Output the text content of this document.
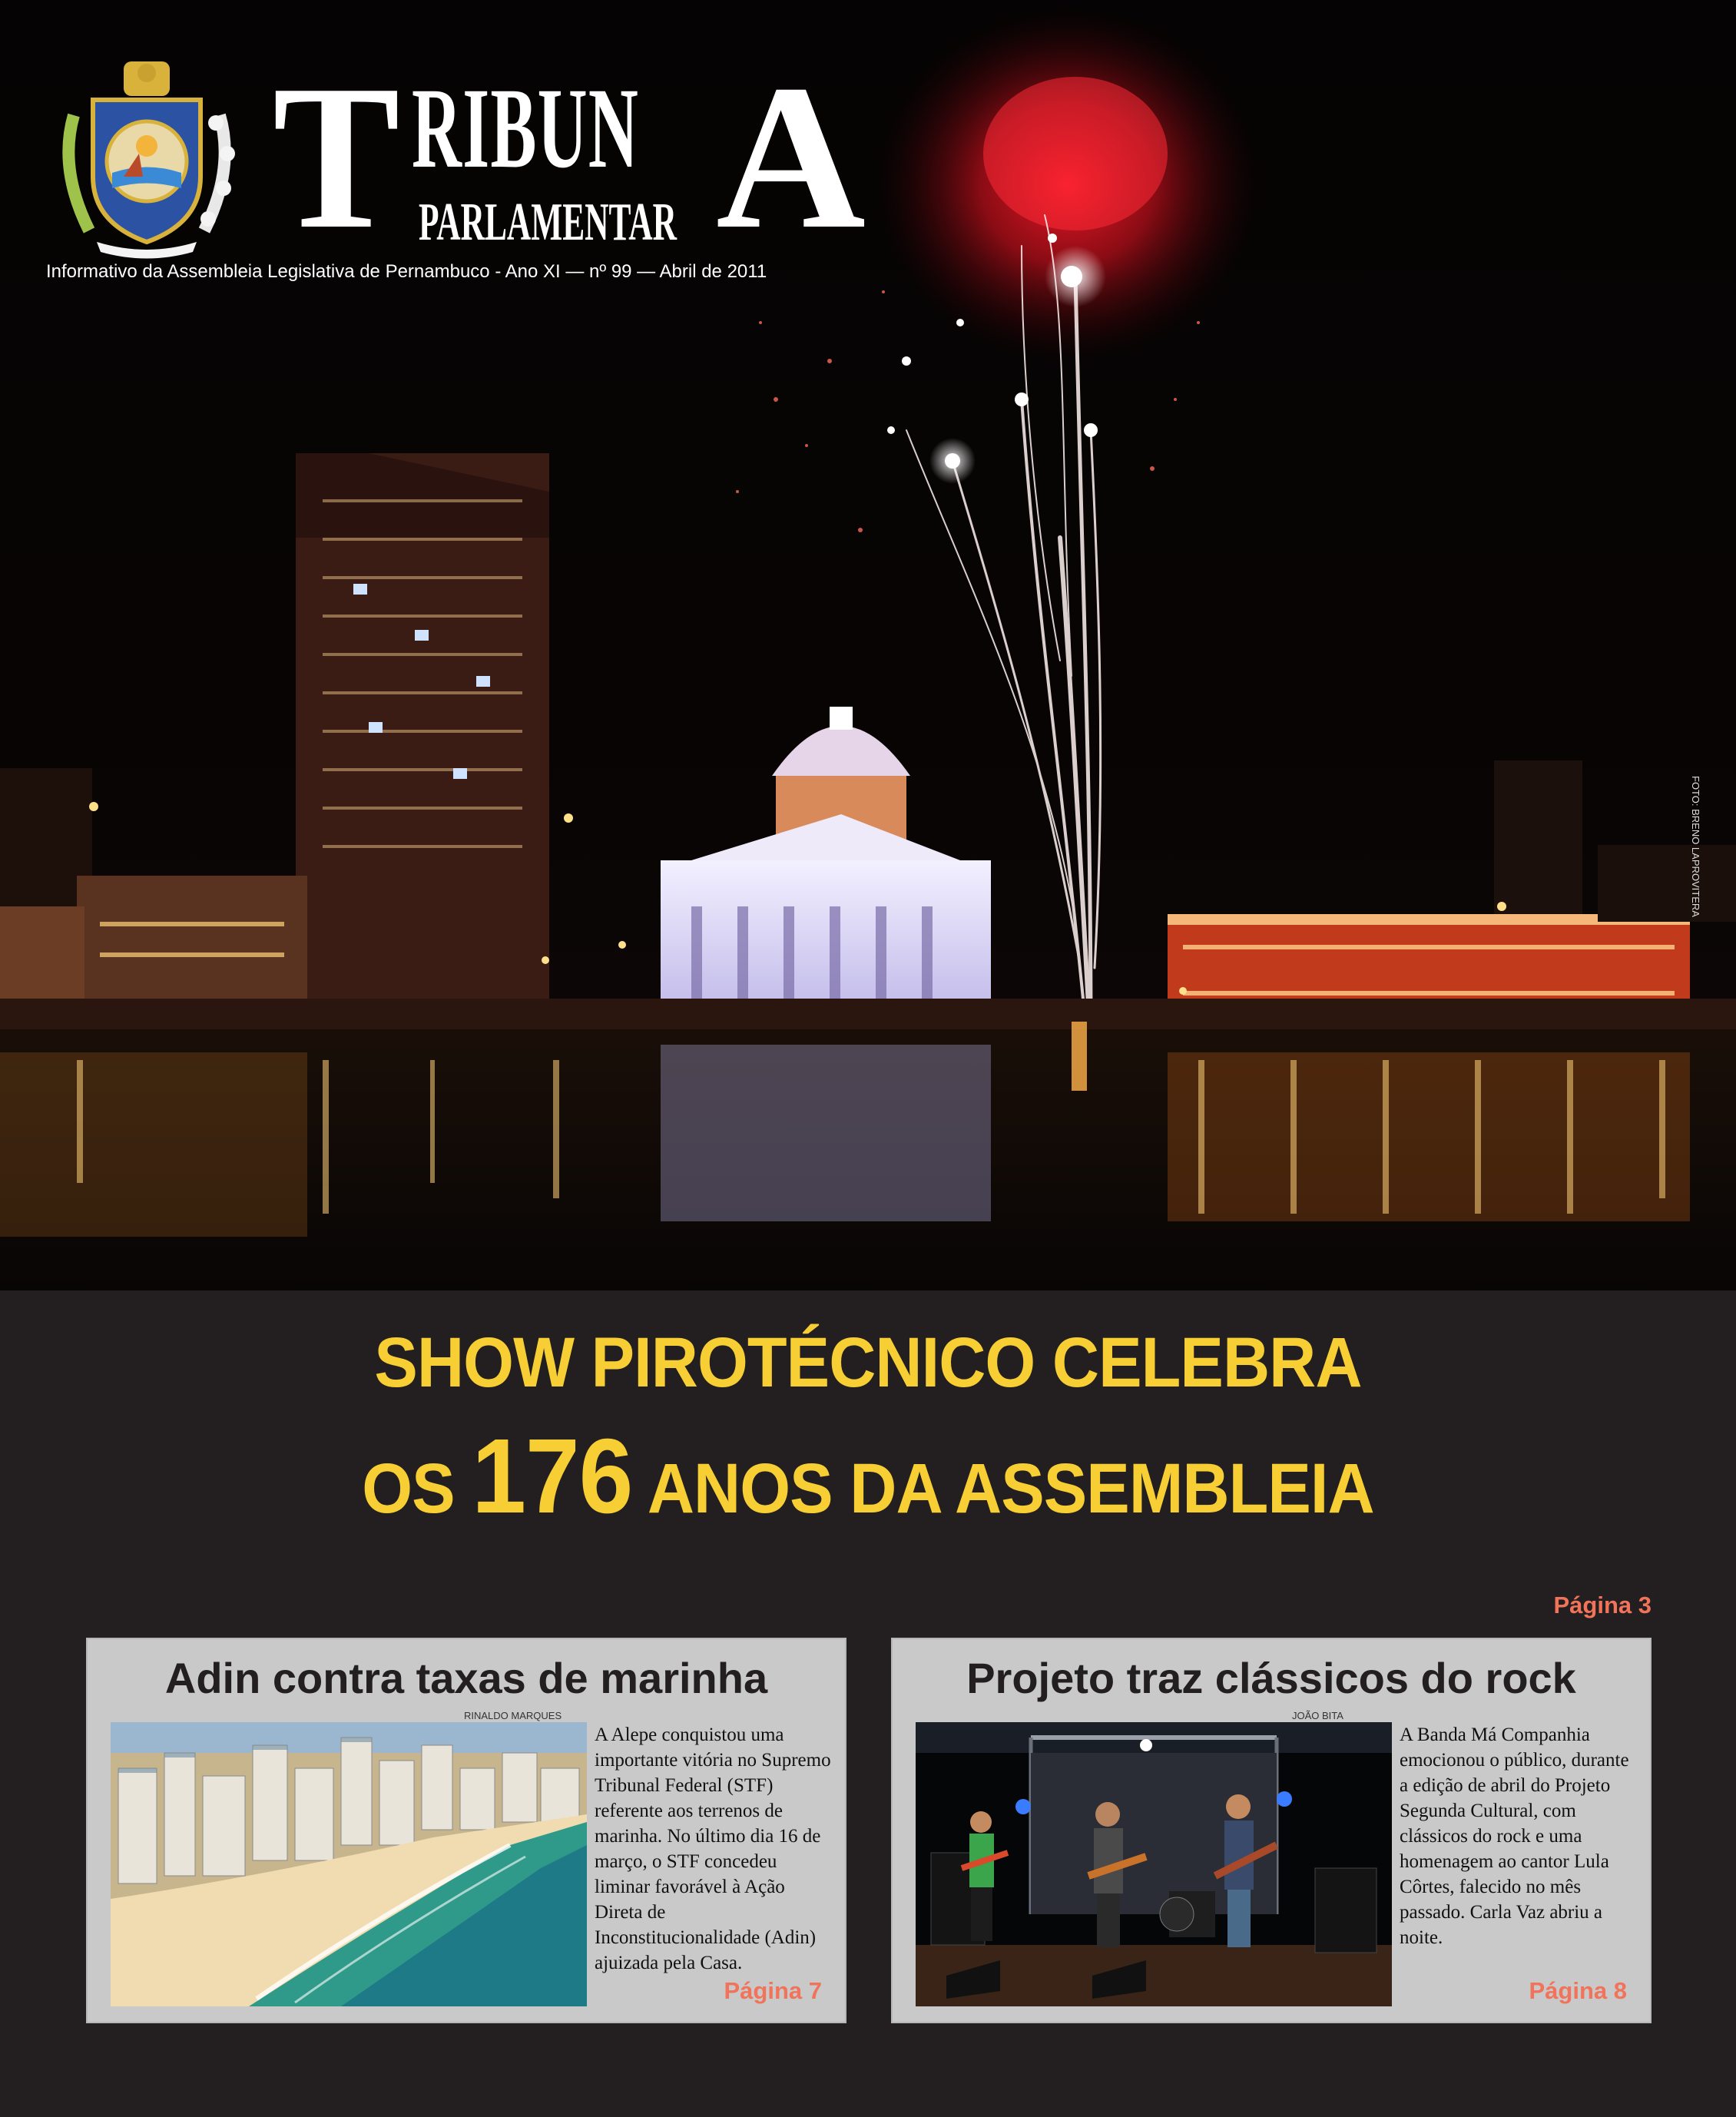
T RIBUN A
PARLAMENTAR
Informativo da Assembleia Legislativa de Pernambuco - Ano XI — nº 99 — Abril de 2011
FOTO: BRENO LAPROVITERA
SHOW PIROTÉCNICO CELEBRA
OS 176 ANOS DA ASSEMBLEIA
Página 3
Adin contra taxas de marinha
RINALDO MARQUES
A Alepe conquistou uma importante vitória no Supremo Tribunal Federal (STF) referente aos terrenos de marinha. No último dia 16 de março, o STF concedeu liminar favorável à Ação Direta de Inconstitucionalidade (Adin) ajuizada pela Casa.
Página 7
Projeto traz clássicos do rock
JOÃO BITA
A Banda Má Companhia emocionou o público, durante a edição de abril do Projeto Segunda Cultural, com clássicos do rock e uma homenagem ao cantor Lula Côrtes, falecido no mês passado. Carla Vaz abriu a noite.
Página 8
